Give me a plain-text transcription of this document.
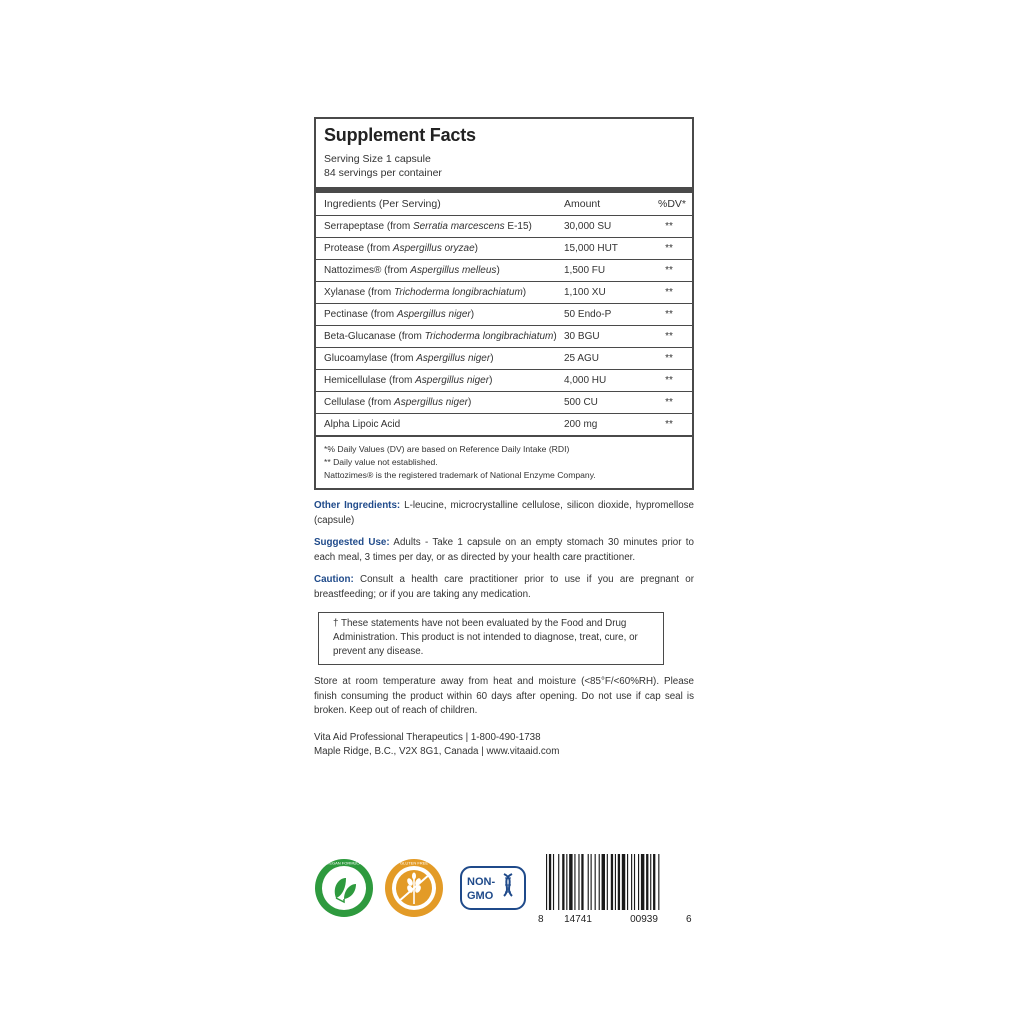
Supplement Facts
Serving Size 1 capsule
84 servings per container
Ingredients (Per Serving)	Amount	%DV*
Serrapeptase (from Serratia marcescens E-15)	30,000 SU	**
Protease (from Aspergillus oryzae)	15,000 HUT	**
Nattozimes® (from Aspergillus melleus)	1,500 FU	**
Xylanase (from Trichoderma longibrachiatum)	1,100 XU	**
Pectinase (from Aspergillus niger)	50 Endo-P	**
Beta-Glucanase (from Trichoderma longibrachiatum)	30 BGU	**
Glucoamylase (from Aspergillus niger)	25 AGU	**
Hemicellulase (from Aspergillus niger)	4,000 HU	**
Cellulase (from Aspergillus niger)	500 CU	**
Alpha Lipoic Acid	200 mg	**
*% Daily Values (DV) are based on Reference Daily Intake (RDI)
** Daily value not established.
Nattozimes® is the registered trademark of National Enzyme Company.
Other Ingredients: L-leucine, microcrystalline cellulose, silicon dioxide, hypromellose (capsule)
Suggested Use: Adults - Take 1 capsule on an empty stomach 30 minutes prior to each meal, 3 times per day, or as directed by your health care practitioner.
Caution: Consult a health care practitioner prior to use if you are pregnant or breastfeeding; or if you are taking any medication.
† These statements have not been evaluated by the Food and Drug Administration. This product is not intended to diagnose, treat, cure, or prevent any disease.
Store at room temperature away from heat and moisture (<85°F/<60%RH). Please finish consuming the product within 60 days after opening. Do not use if cap seal is broken. Keep out of reach of children.
Vita Aid Professional Therapeutics | 1-800-490-1738
Maple Ridge, B.C., V2X 8G1, Canada | www.vitaaid.com
VEGAN FORMULA	GLUTEN FREE
NON-
GMO
8 14741	00939	6
